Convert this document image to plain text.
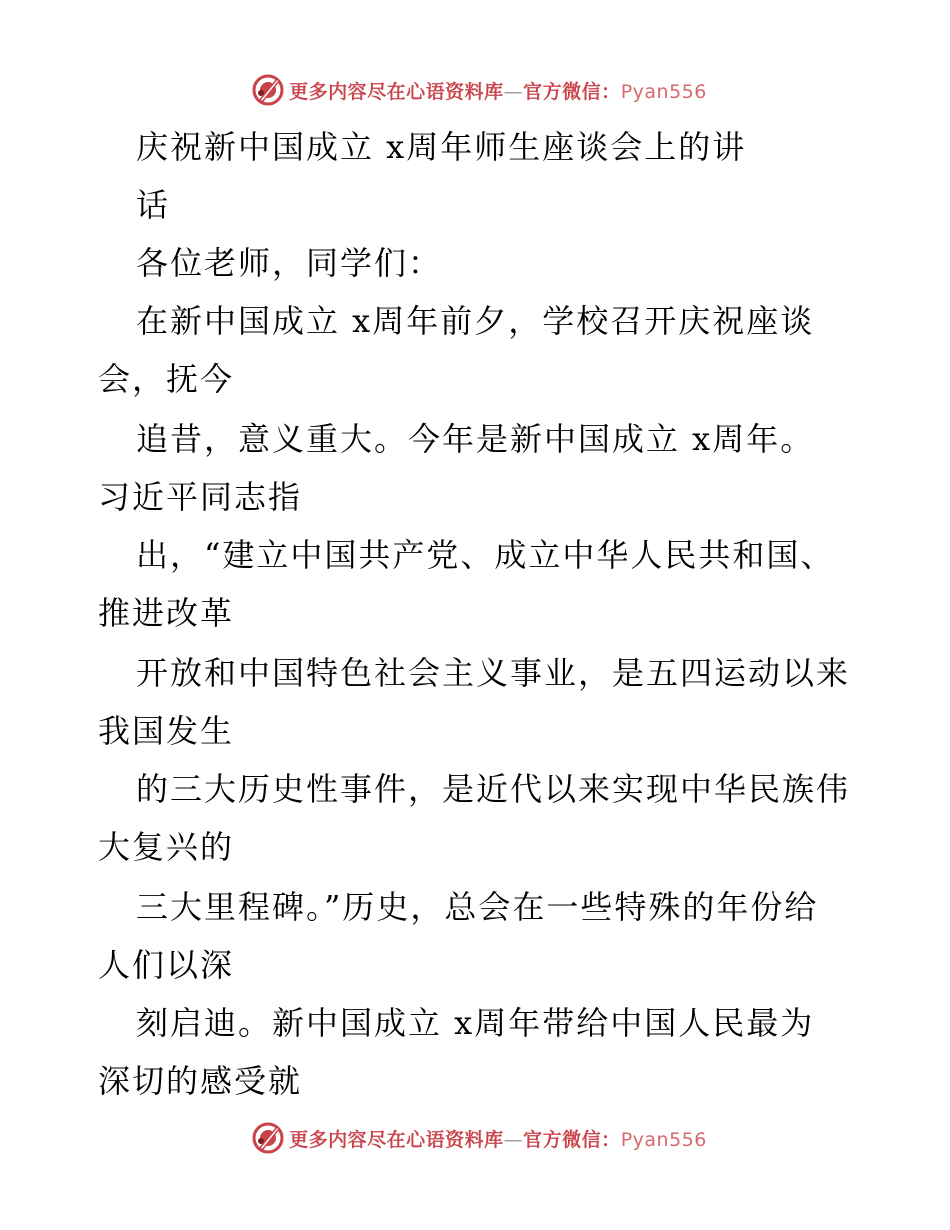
更多内容尽在心语资料库—官方微信：Pyan556
庆祝新中国成立 x周年师生座谈会上的讲
话
各位老师，同学们：
在新中国成立 x周年前夕，学校召开庆祝座谈
会，抚今
追昔，意义重大。今年是新中国成立 x周年。
习近平同志指
出，“建立中国共产党、成立中华人民共和国、
推进改革
开放和中国特色社会主义事业，是五四运动以来
我国发生
的三大历史性事件，是近代以来实现中华民族伟
大复兴的
三大里程碑。”历史，总会在一些特殊的年份给
人们以深
刻启迪。新中国成立 x周年带给中国人民最为
深切的感受就
更多内容尽在心语资料库—官方微信：Pyan556
